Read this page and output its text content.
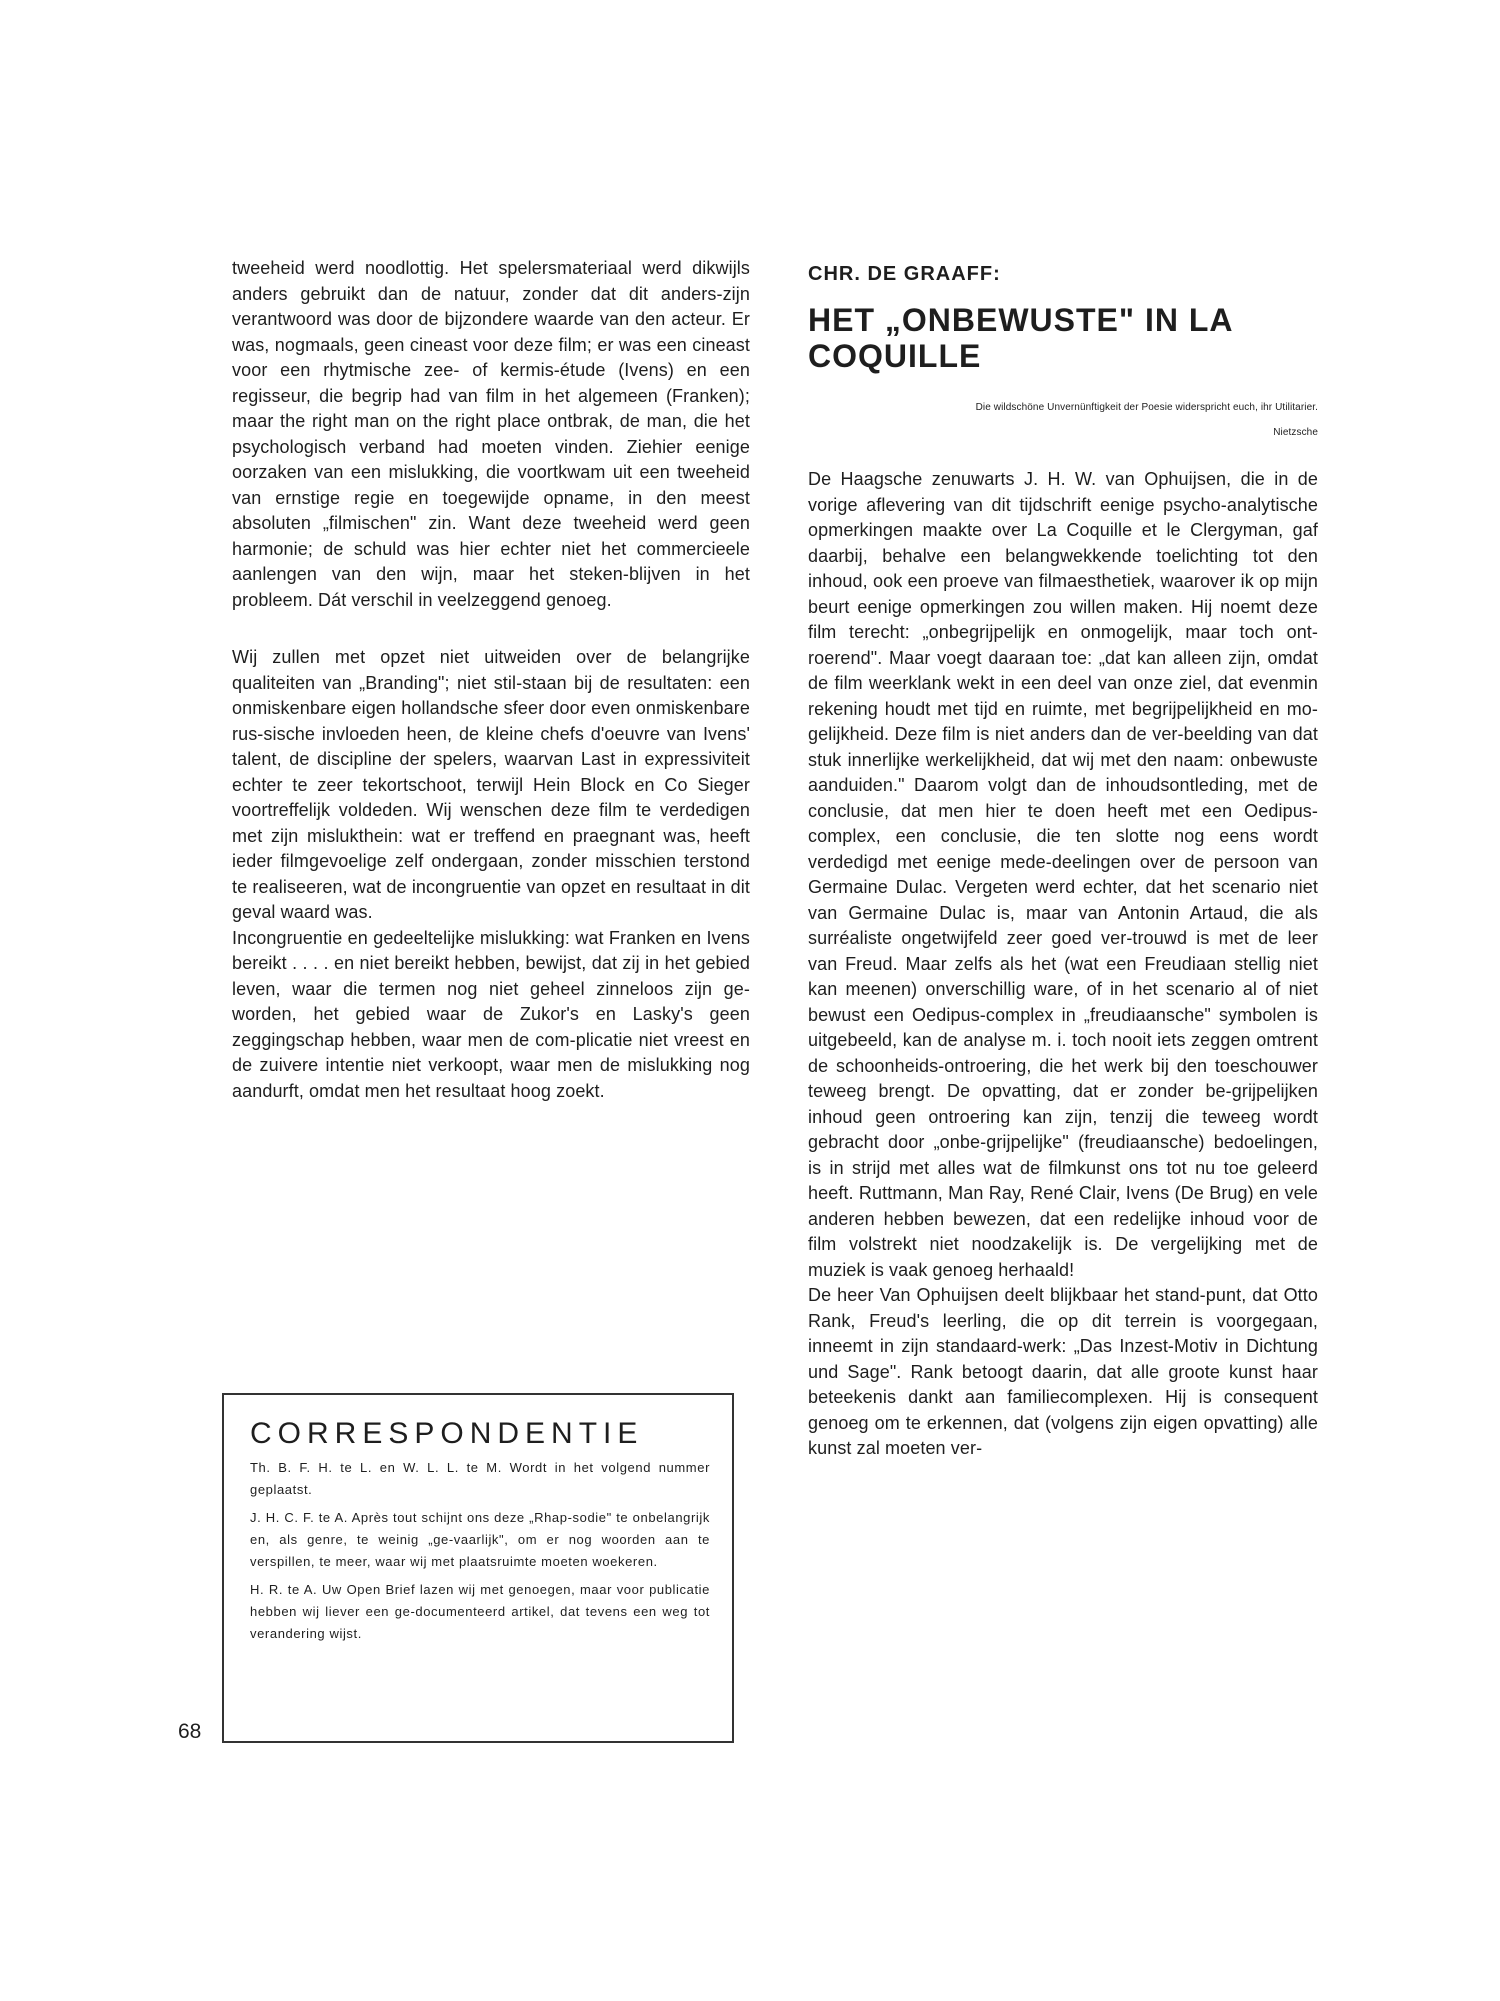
tweeheid werd noodlottig. Het spelersmateriaal werd dikwijls anders gebruikt dan de natuur, zonder dat dit anders-zijn verantwoord was door de bijzondere waarde van den acteur. Er was, nogmaals, geen cineast voor deze film; er was een cineast voor een rhytmische zee- of kermis-étude (Ivens) en een regisseur, die begrip had van film in het algemeen (Franken); maar the right man on the right place ontbrak, de man, die het psychologisch verband had moeten vinden. Ziehier eenige oorzaken van een mislukking, die voortkwam uit een tweeheid van ernstige regie en toegewijde opname, in den meest absoluten „filmischen" zin. Want deze tweeheid werd geen harmonie; de schuld was hier echter niet het commercieele aanlengen van den wijn, maar het steken-blijven in het probleem. Dát verschil in veelzeggend genoeg.

Wij zullen met opzet niet uitweiden over de belangrijke qualiteiten van „Branding"; niet stil-staan bij de resultaten: een onmiskenbare eigen hollandsche sfeer door even onmiskenbare rus-sische invloeden heen, de kleine chefs d'oeuvre van Ivens' talent, de discipline der spelers, waarvan Last in expressiviteit echter te zeer tekortschoot, terwijl Hein Block en Co Sieger voortreffelijk voldeden. Wij wenschen deze film te verdedigen met zijn mislukthein: wat er treffend en praegnant was, heeft ieder filmgevoelige zelf ondergaan, zonder misschien terstond te realiseeren, wat de incongruentie van opzet en resultaat in dit geval waard was.

Incongruentie en gedeeltelijke mislukking: wat Franken en Ivens bereikt . . . . en niet bereikt hebben, bewijst, dat zij in het gebied leven, waar die termen nog niet geheel zinneloos zijn ge-worden, het gebied waar de Zukor's en Lasky's geen zeggingschap hebben, waar men de com-plicatie niet vreest en de zuivere intentie niet verkoopt, waar men de mislukking nog aandurft, omdat men het resultaat hoog zoekt.

CORRESPONDENTIE

Th. B. F. H. te L. en W. L. L. te M. Wordt in het volgend nummer geplaatst.

J. H. C. F. te A. Après tout schijnt ons deze „Rhap-sodie" te onbelangrijk en, als genre, te weinig „ge-vaarlijk", om er nog woorden aan te verspillen, te meer, waar wij met plaatsruimte moeten woekeren.

H. R. te A. Uw Open Brief lazen wij met genoegen, maar voor publicatie hebben wij liever een ge-documenteerd artikel, dat tevens een weg tot verandering wijst.

68
CHR. DE GRAAFF:
HET „ONBEWUSTE" IN LA COQUILLE
Die wildschöne Unvernünftigkeit der Poesie widerspricht euch, ihr Utilitarier.
Nietzsche

De Haagsche zenuwarts J. H. W. van Ophuijsen, die in de vorige aflevering van dit tijdschrift eenige psycho-analytische opmerkingen maakte over La Coquille et le Clergyman, gaf daarbij, behalve een belangwekkende toelichting tot den inhoud, ook een proeve van filmaesthetiek, waarover ik op mijn beurt eenige opmerkingen zou willen maken. Hij noemt deze film terecht: „onbegrijpelijk en onmogelijk, maar toch ont-roerend". Maar voegt daaraan toe: „dat kan alleen zijn, omdat de film weerklank wekt in een deel van onze ziel, dat evenmin rekening houdt met tijd en ruimte, met begrijpelijkheid en mo-gelijkheid. Deze film is niet anders dan de ver-beelding van dat stuk innerlijke werkelijkheid, dat wij met den naam: onbewuste aanduiden." Daarom volgt dan de inhoudsontleding, met de conclusie, dat men hier te doen heeft met een Oedipus-complex, een conclusie, die ten slotte nog eens wordt verdedigd met eenige mede-deelingen over de persoon van Germaine Dulac. Vergeten werd echter, dat het scenario niet van Germaine Dulac is, maar van Antonin Artaud, die als surréaliste ongetwijfeld zeer goed ver-trouwd is met de leer van Freud. Maar zelfs als het (wat een Freudiaan stellig niet kan meenen) onverschillig ware, of in het scenario al of niet bewust een Oedipus-complex in „freudiaansche" symbolen is uitgebeeld, kan de analyse m. i. toch nooit iets zeggen omtrent de schoonheids-ontroering, die het werk bij den toeschouwer teweeg brengt. De opvatting, dat er zonder be-grijpelijken inhoud geen ontroering kan zijn, tenzij die teweeg wordt gebracht door „onbe-grijpelijke" (freudiaansche) bedoelingen, is in strijd met alles wat de filmkunst ons tot nu toe geleerd heeft. Ruttmann, Man Ray, René Clair, Ivens (De Brug) en vele anderen hebben bewezen, dat een redelijke inhoud voor de film volstrekt niet noodzakelijk is. De vergelijking met de muziek is vaak genoeg herhaald!

De heer Van Ophuijsen deelt blijkbaar het stand-punt, dat Otto Rank, Freud's leerling, die op dit terrein is voorgegaan, inneemt in zijn standaard-werk: „Das Inzest-Motiv in Dichtung und Sage". Rank betoogt daarin, dat alle groote kunst haar beteekenis dankt aan familiecomplexen. Hij is consequent genoeg om te erkennen, dat (volgens zijn eigen opvatting) alle kunst zal moeten ver-
